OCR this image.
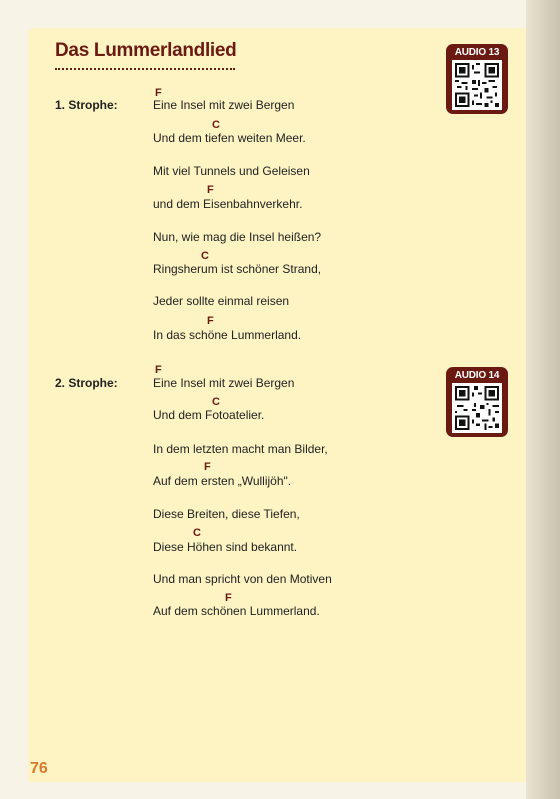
Das Lummerlandlied	AUDIO 13
AUDIO 14
1. Strophe:
F
Eine Insel mit zwei Bergen
C
Und dem tiefen weiten Meer.
Mit viel Tunnels und Geleisen
F
und dem Eisenbahnverkehr.
Nun, wie mag die Insel heißen?
C
Ringsherum ist schöner Strand,
Jeder sollte einmal reisen
F
In das schöne Lummerland.
2. Strophe:
F
Eine Insel mit zwei Bergen
C
Und dem Fotoatelier.
In dem letzten macht man Bilder,
F
Auf dem ersten „Wullijöh".
Diese Breiten, diese Tiefen,
C
Diese Höhen sind bekannt.
Und man spricht von den Motiven
F
Auf dem schönen Lummerland.
76
